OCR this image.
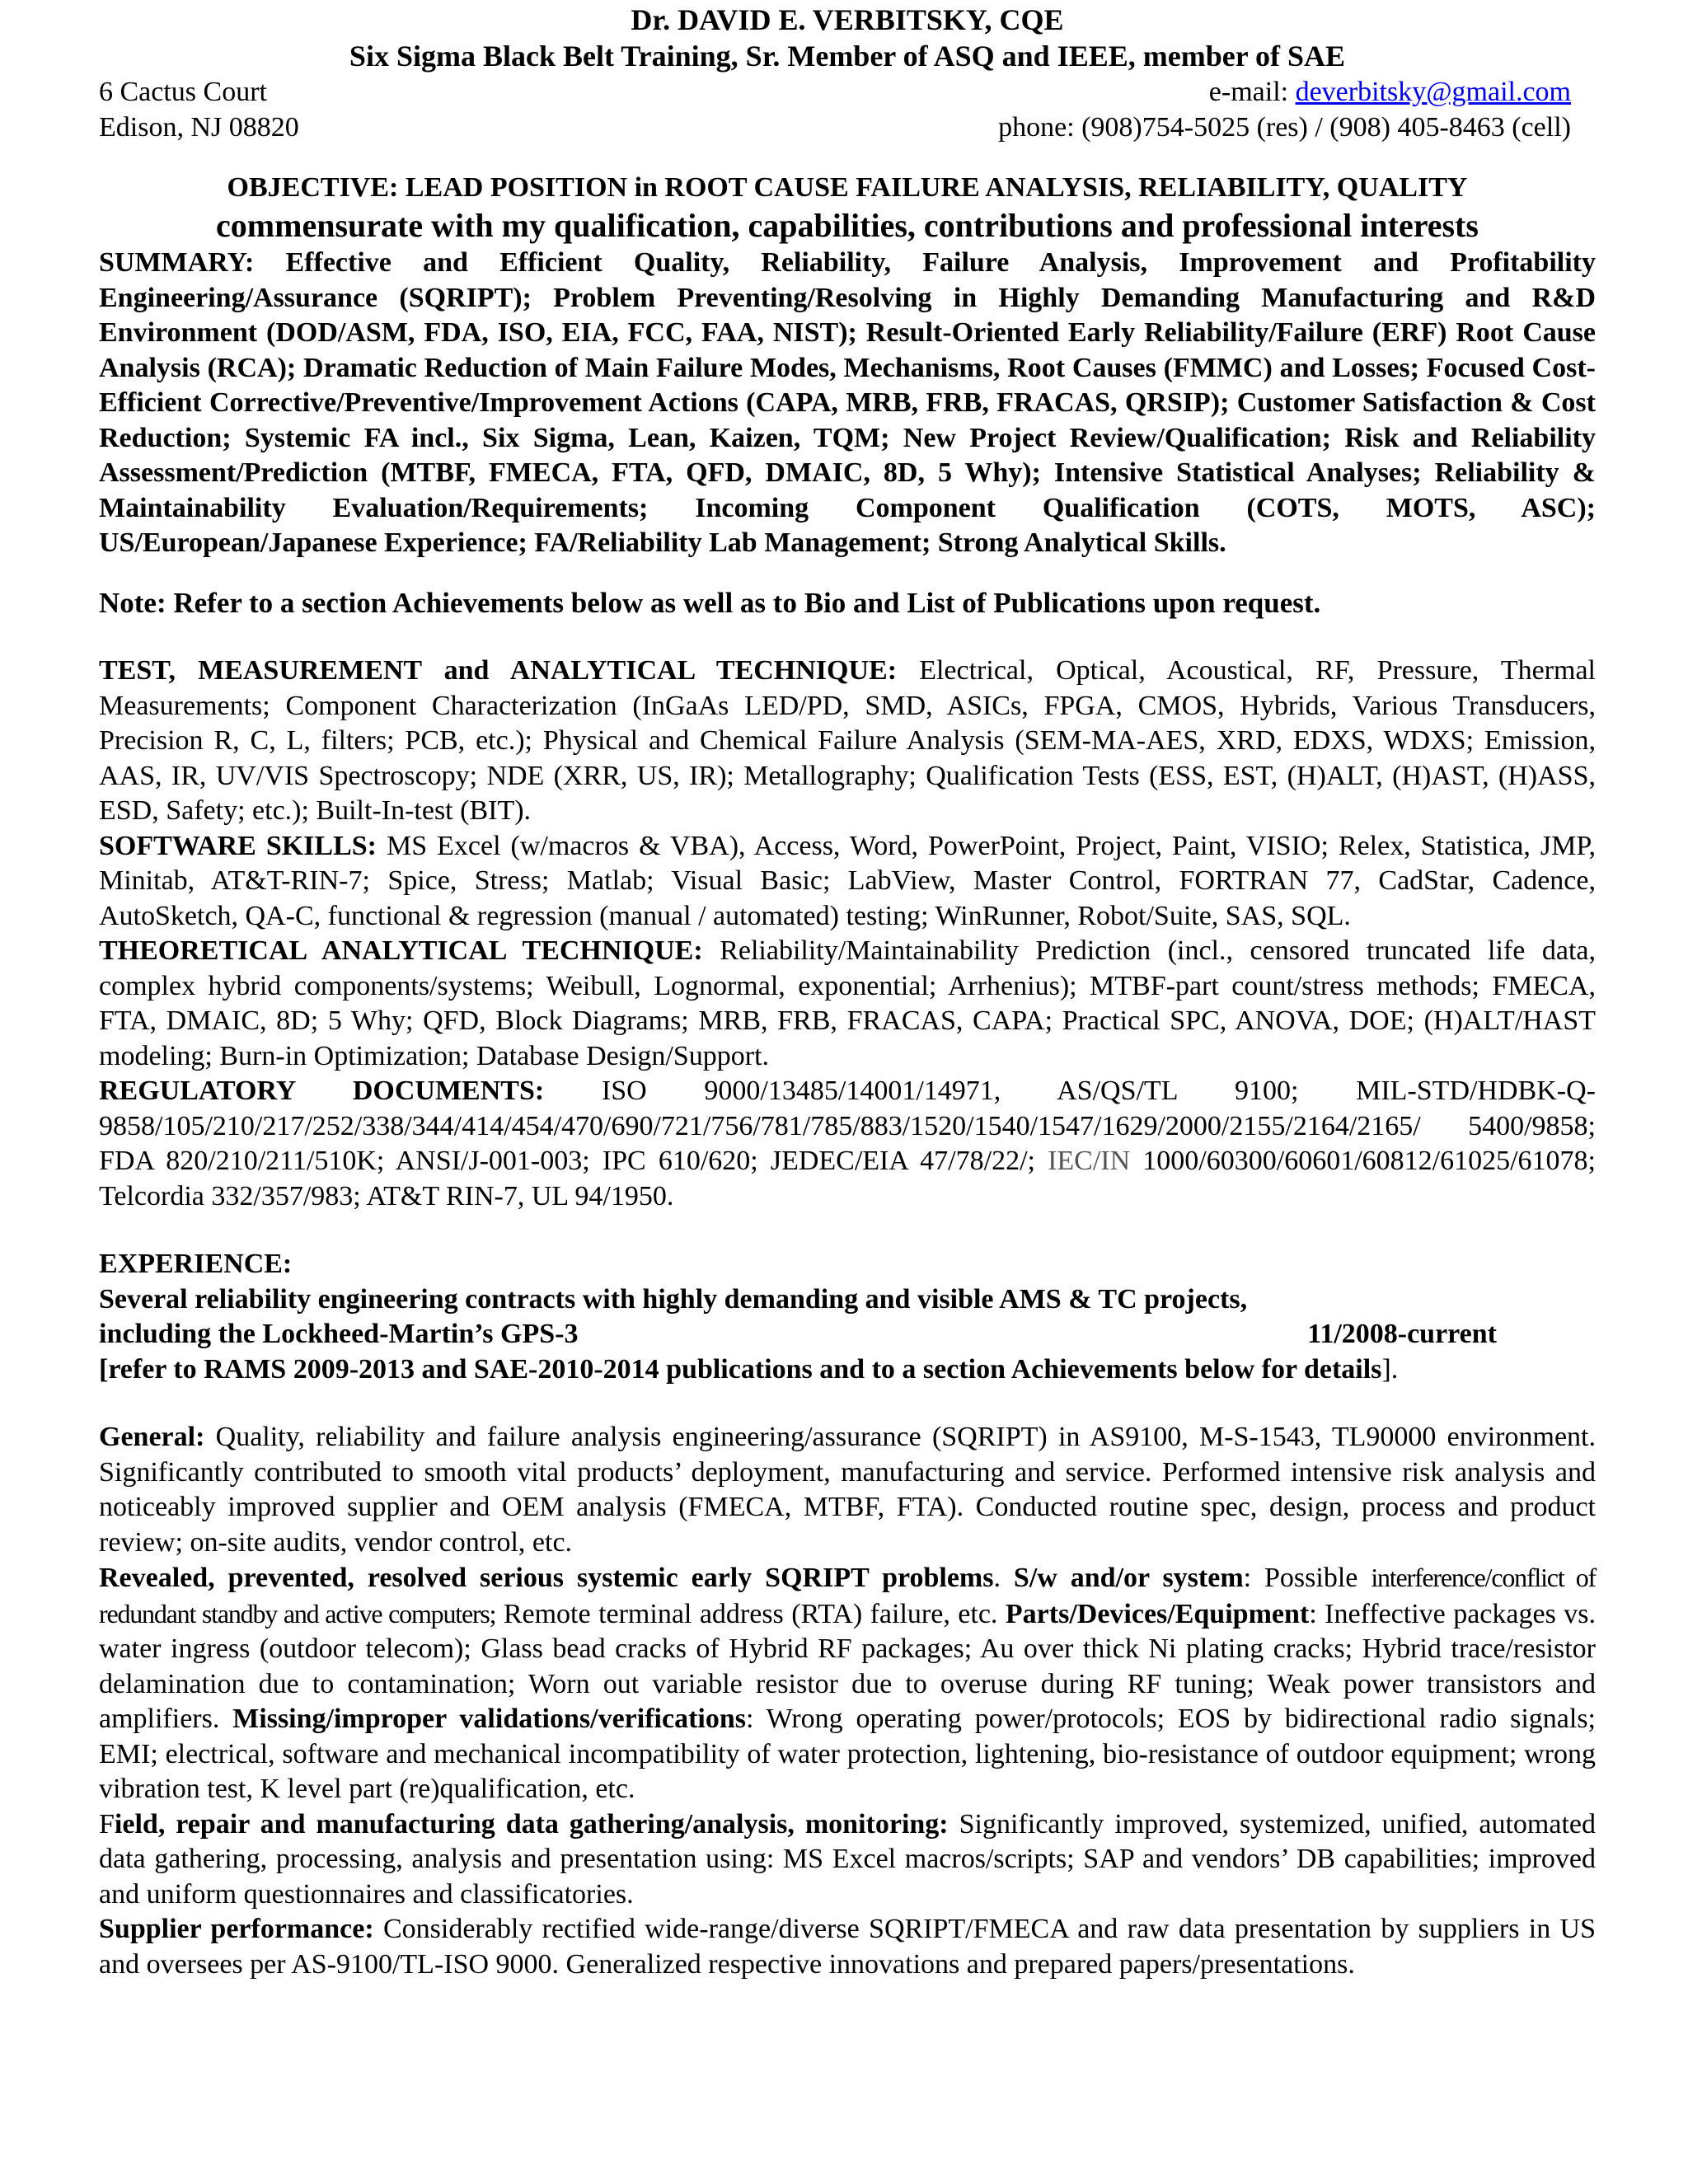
Dr. DAVID E. VERBITSKY, CQE
Six Sigma Black Belt Training, Sr. Member of ASQ and IEEE, member of SAE
6 Cactus Court	e-mail: deverbitsky@gmail.com
Edison, NJ 08820	phone: (908)754-5025 (res) / (908) 405-8463 (cell)
OBJECTIVE: LEAD POSITION in ROOT CAUSE FAILURE ANALYSIS, RELIABILITY, QUALITY
commensurate with my qualification, capabilities, contributions and professional interests
SUMMARY: Effective and Efficient Quality, Reliability, Failure Analysis, Improvement and Profitability Engineering/Assurance (SQRIPT); Problem Preventing/Resolving in Highly Demanding Manufacturing and R&D Environment (DOD/ASM, FDA, ISO, EIA, FCC, FAA, NIST); Result-Oriented Early Reliability/Failure (ERF) Root Cause Analysis (RCA); Dramatic Reduction of Main Failure Modes, Mechanisms, Root Causes (FMMC) and Losses; Focused Cost-Efficient Corrective/Preventive/Improvement Actions (CAPA, MRB, FRB, FRACAS, QRSIP); Customer Satisfaction & Cost Reduction; Systemic FA incl., Six Sigma, Lean, Kaizen, TQM; New Project Review/Qualification; Risk and Reliability Assessment/Prediction (MTBF, FMECA, FTA, QFD, DMAIC, 8D, 5 Why); Intensive Statistical Analyses; Reliability & Maintainability Evaluation/Requirements; Incoming Component Qualification (COTS, MOTS, ASC); US/European/Japanese Experience; FA/Reliability Lab Management; Strong Analytical Skills.
Note: Refer to a section Achievements below as well as to Bio and List of Publications upon request.
TEST, MEASUREMENT and ANALYTICAL TECHNIQUE: Electrical, Optical, Acoustical, RF, Pressure, Thermal Measurements; Component Characterization (InGaAs LED/PD, SMD, ASICs, FPGA, CMOS, Hybrids, Various Transducers, Precision R, C, L, filters; PCB, etc.); Physical and Chemical Failure Analysis (SEM-MA-AES, XRD, EDXS, WDXS; Emission, AAS, IR, UV/VIS Spectroscopy; NDE (XRR, US, IR); Metallography; Qualification Tests (ESS, EST, (H)ALT, (H)AST, (H)ASS, ESD, Safety; etc.); Built-In-test (BIT).
SOFTWARE SKILLS: MS Excel (w/macros & VBA), Access, Word, PowerPoint, Project, Paint, VISIO; Relex, Statistica, JMP, Minitab, AT&T-RIN-7; Spice, Stress; Matlab; Visual Basic; LabView, Master Control, FORTRAN 77, CadStar, Cadence, AutoSketch, QA-C, functional & regression (manual / automated) testing; WinRunner, Robot/Suite, SAS, SQL.
THEORETICAL ANALYTICAL TECHNIQUE: Reliability/Maintainability Prediction (incl., censored truncated life data, complex hybrid components/systems; Weibull, Lognormal, exponential; Arrhenius); MTBF-part count/stress methods; FMECA, FTA, DMAIC, 8D; 5 Why; QFD, Block Diagrams; MRB, FRB, FRACAS, CAPA; Practical SPC, ANOVA, DOE; (H)ALT/HAST modeling; Burn-in Optimization; Database Design/Support.
REGULATORY DOCUMENTS: ISO 9000/13485/14001/14971, AS/QS/TL 9100; MIL-STD/HDBK-Q-9858/105/210/217/252/338/344/414/454/470/690/721/756/781/785/883/1520/1540/1547/1629/2000/2155/2164/2165/ 5400/9858; FDA 820/210/211/510K; ANSI/J-001-003; IPC 610/620; JEDEC/EIA 47/78/22/; IEC/IN 1000/60300/60601/60812/61025/61078; Telcordia 332/357/983; AT&T RIN-7, UL 94/1950.
EXPERIENCE:
Several reliability engineering contracts with highly demanding and visible AMS & TC projects,
including the Lockheed-Martin’s GPS-3	11/2008-current
[refer to RAMS 2009-2013 and SAE-2010-2014 publications and to a section Achievements below for details].
General: Quality, reliability and failure analysis engineering/assurance (SQRIPT) in AS9100, M-S-1543, TL90000 environment. Significantly contributed to smooth vital products’ deployment, manufacturing and service. Performed intensive risk analysis and noticeably improved supplier and OEM analysis (FMECA, MTBF, FTA). Conducted routine spec, design, process and product review; on-site audits, vendor control, etc.
Revealed, prevented, resolved serious systemic early SQRIPT problems. S/w and/or system: Possible interference/conflict of redundant standby and active computers; Remote terminal address (RTA) failure, etc. Parts/Devices/Equipment: Ineffective packages vs. water ingress (outdoor telecom); Glass bead cracks of Hybrid RF packages; Au over thick Ni plating cracks; Hybrid trace/resistor delamination due to contamination; Worn out variable resistor due to overuse during RF tuning; Weak power transistors and amplifiers. Missing/improper validations/verifications: Wrong operating power/protocols; EOS by bidirectional radio signals; EMI; electrical, software and mechanical incompatibility of water protection, lightening, bio-resistance of outdoor equipment; wrong vibration test, K level part (re)qualification, etc.
Field, repair and manufacturing data gathering/analysis, monitoring: Significantly improved, systemized, unified, automated data gathering, processing, analysis and presentation using: MS Excel macros/scripts; SAP and vendors’ DB capabilities; improved and uniform questionnaires and classificatories.
Supplier performance: Considerably rectified wide-range/diverse SQRIPT/FMECA and raw data presentation by suppliers in US and oversees per AS-9100/TL-ISO 9000. Generalized respective innovations and prepared papers/presentations.
